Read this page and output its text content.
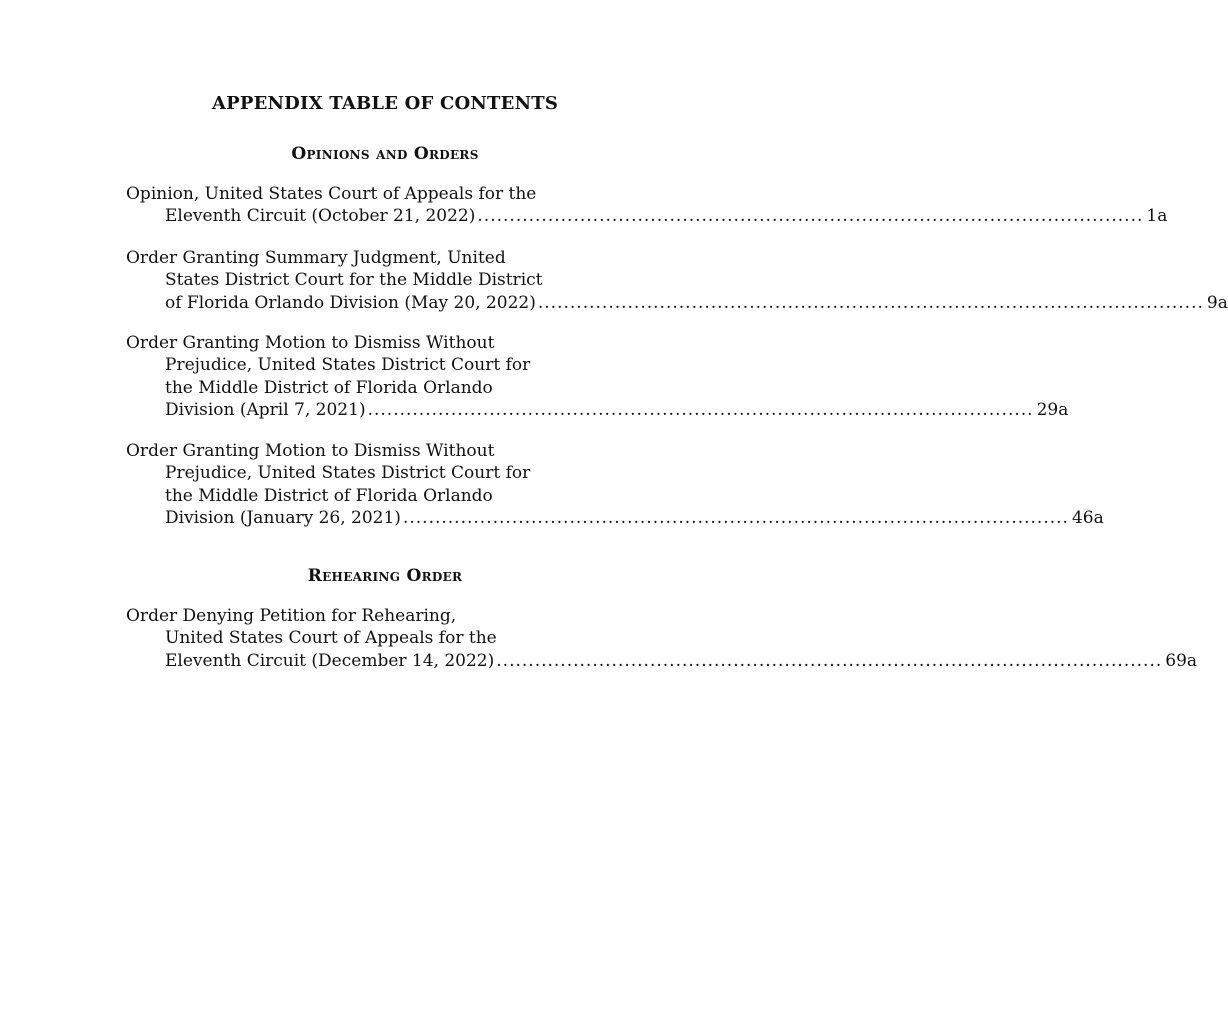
APPENDIX TABLE OF CONTENTS
Opinions and Orders
Opinion, United States Court of Appeals for the
Eleventh Circuit (October 21, 2022) ........................................................................................................ 1a
Order Granting Summary Judgment, United
States District Court for the Middle District
of Florida Orlando Division (May 20, 2022) ........................................................................................................ 9a
Order Granting Motion to Dismiss Without
Prejudice, United States District Court for
the Middle District of Florida Orlando
Division (April 7, 2021) ........................................................................................................ 29a
Order Granting Motion to Dismiss Without
Prejudice, United States District Court for
the Middle District of Florida Orlando
Division (January 26, 2021) ........................................................................................................ 46a
Rehearing Order
Order Denying Petition for Rehearing,
United States Court of Appeals for the
Eleventh Circuit (December 14, 2022) ........................................................................................................ 69a
